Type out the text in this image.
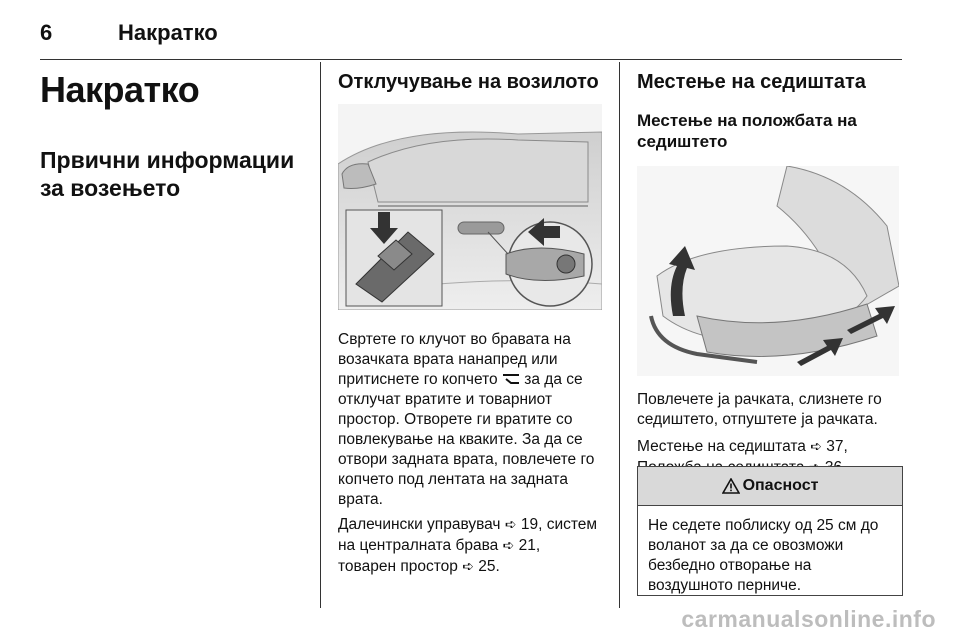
6	Накратко
Накратко
Првични информации за возењето
Отклучување на возилото

Свртете го клучот во бравата на возачката врата нанапред или притиснете го копчето  за да се отклучат вратите и товарниот простор. Отворете ги вратите со повлекување на кваките. За да се отвори задната врата, повлечете го копчето под лентата на задната врата.

Далечински управувач ➪ 19, систем на централната брава ➪ 21, товарен простор ➪ 25.

Местење на седиштата
Местење на положбата на седиштето

Повлечете ја рачката, слизнете го седиштето, отпуштете ја рачката.

Местење на седиштата ➪ 37,

Опасност
Не седете поблиску од 25 см до воланот за да се овозможи безбедно отворање на воздушното перниче.
carmanualsonline.info
